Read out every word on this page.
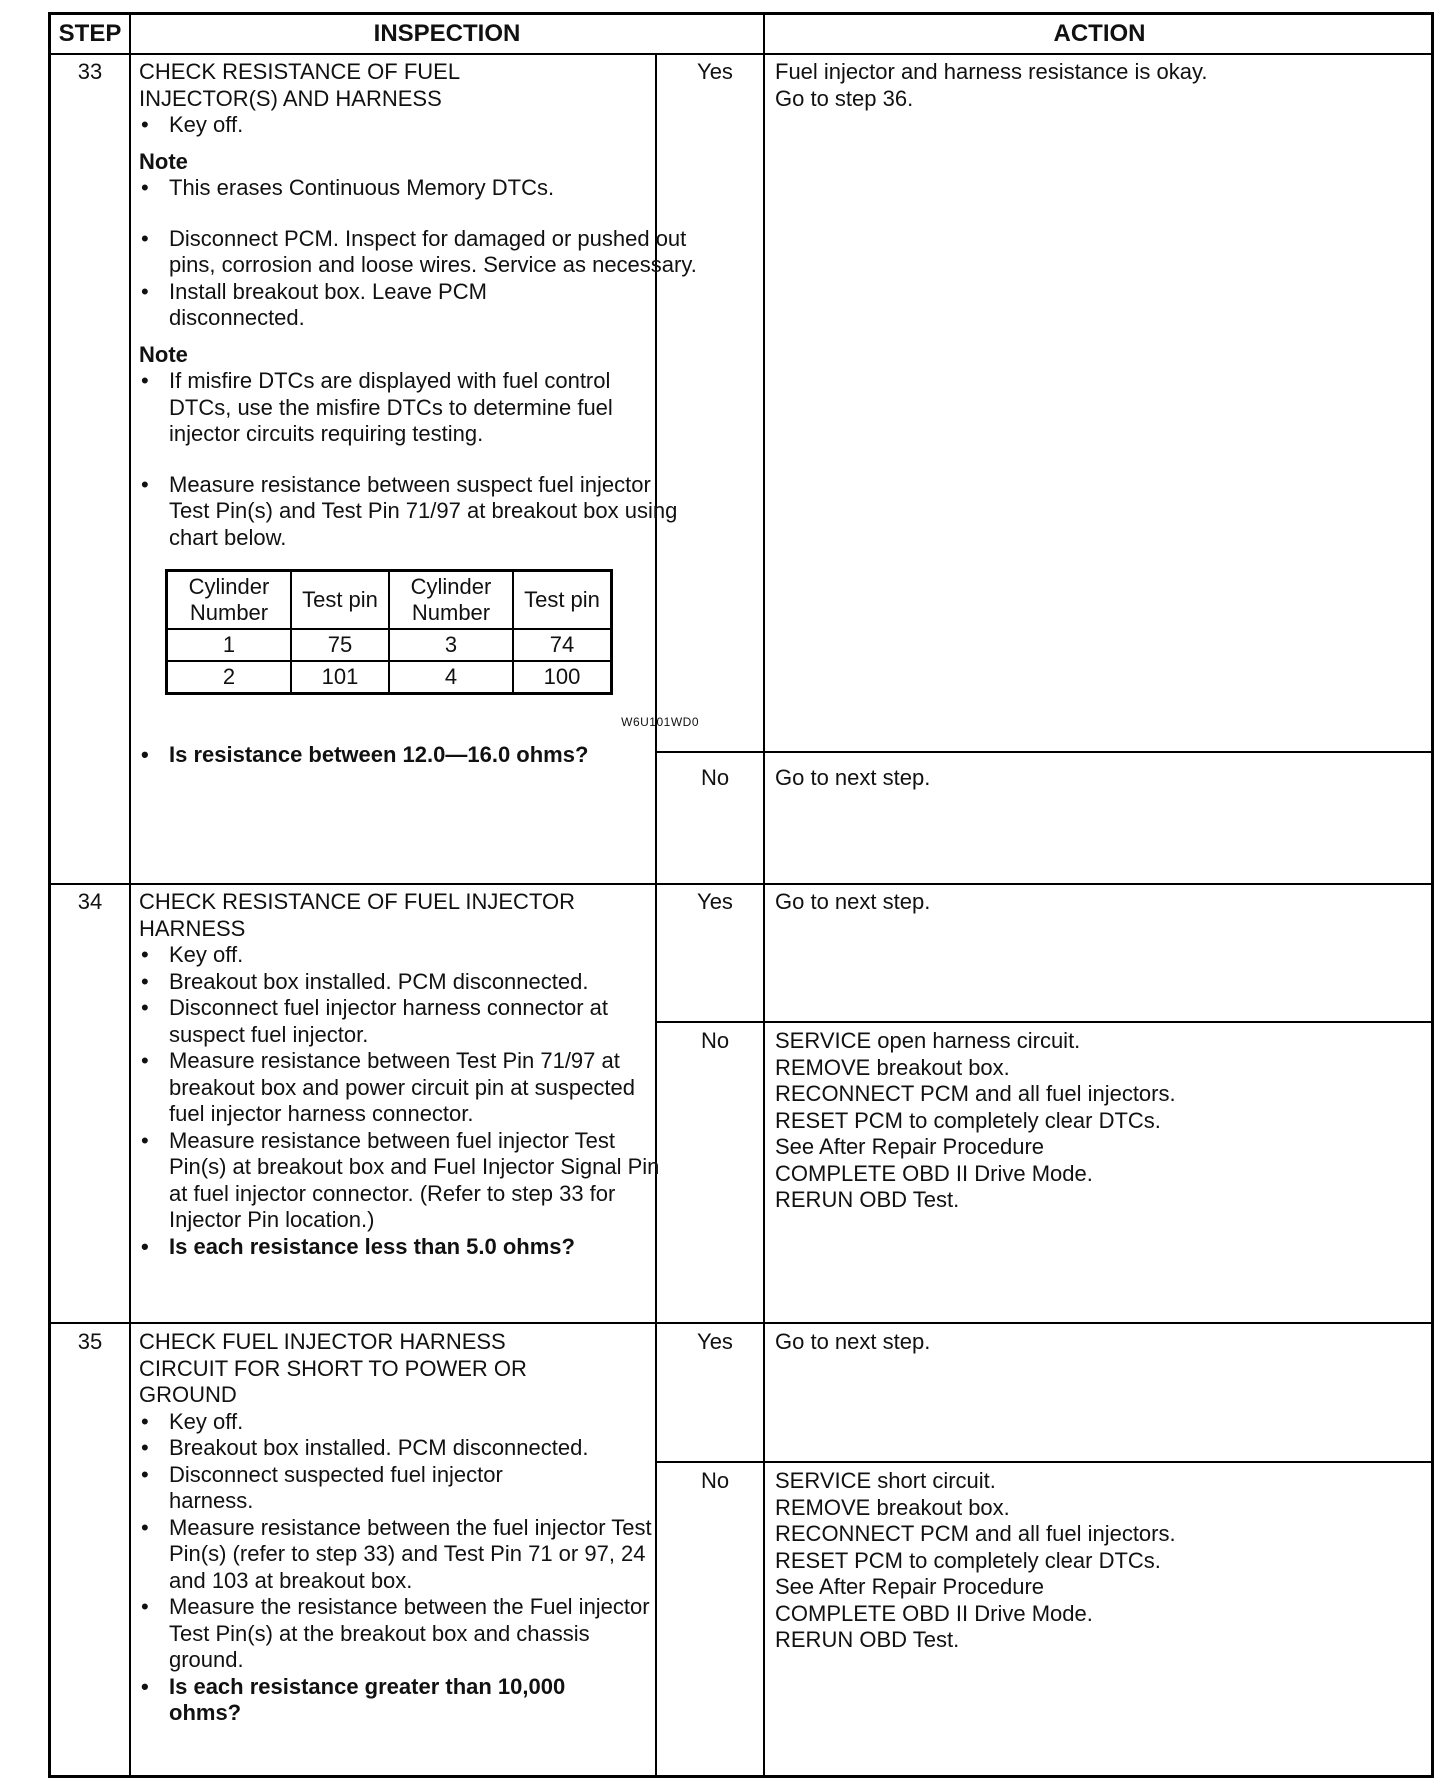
STEP	INSPECTION	ACTION
33	CHECK RESISTANCE OF FUEL INJECTOR(S) AND HARNESS

• Key off.
Note
• This erases Continuous Memory DTCs.
• Disconnect PCM. Inspect for damaged or pushed out pins, corrosion and loose wires. Service as necessary.
• Install breakout box. Leave PCM disconnected.
Note
• If misfire DTCs are displayed with fuel control DTCs, use the misfire DTCs to determine fuel injector circuits requiring testing.
• Measure resistance between suspect fuel injector Test Pin(s) and Test Pin 71/97 at breakout box using chart below.
Cylinder Number	Test pin	Cylinder Number	Test pin
1	75	3	74
2	101	4	100
W6U101WD0
• Is resistance between 12.0—16.0 ohms?
Yes	Fuel injector and harness resistance is okay.
Go to step 36.
No	Go to next step.
34	CHECK RESISTANCE OF FUEL INJECTOR HARNESS

• Key off.
• Breakout box installed. PCM disconnected.
• Disconnect fuel injector harness connector at suspect fuel injector.
• Measure resistance between Test Pin 71/97 at breakout box and power circuit pin at suspected fuel injector harness connector.
• Measure resistance between fuel injector Test Pin(s) at breakout box and Fuel Injector Signal Pin at fuel injector connector. (Refer to step 33 for Injector Pin location.)
• Is each resistance less than 5.0 ohms?
Yes	Go to next step.
No	SERVICE open harness circuit.
REMOVE breakout box.
RECONNECT PCM and all fuel injectors.
RESET PCM to completely clear DTCs.
See After Repair Procedure
COMPLETE OBD II Drive Mode.
RERUN OBD Test.
35	CHECK FUEL INJECTOR HARNESS CIRCUIT FOR SHORT TO POWER OR GROUND

• Key off.
• Breakout box installed. PCM disconnected.
• Disconnect suspected fuel injector harness.
• Measure resistance between the fuel injector Test Pin(s) (refer to step 33) and Test Pin 71 or 97, 24 and 103 at breakout box.
• Measure the resistance between the Fuel injector Test Pin(s) at the breakout box and chassis ground.
• Is each resistance greater than 10,000 ohms?
Yes	Go to next step.
No	SERVICE short circuit.
REMOVE breakout box.
RECONNECT PCM and all fuel injectors.
RESET PCM to completely clear DTCs.
See After Repair Procedure
COMPLETE OBD II Drive Mode.
RERUN OBD Test.
